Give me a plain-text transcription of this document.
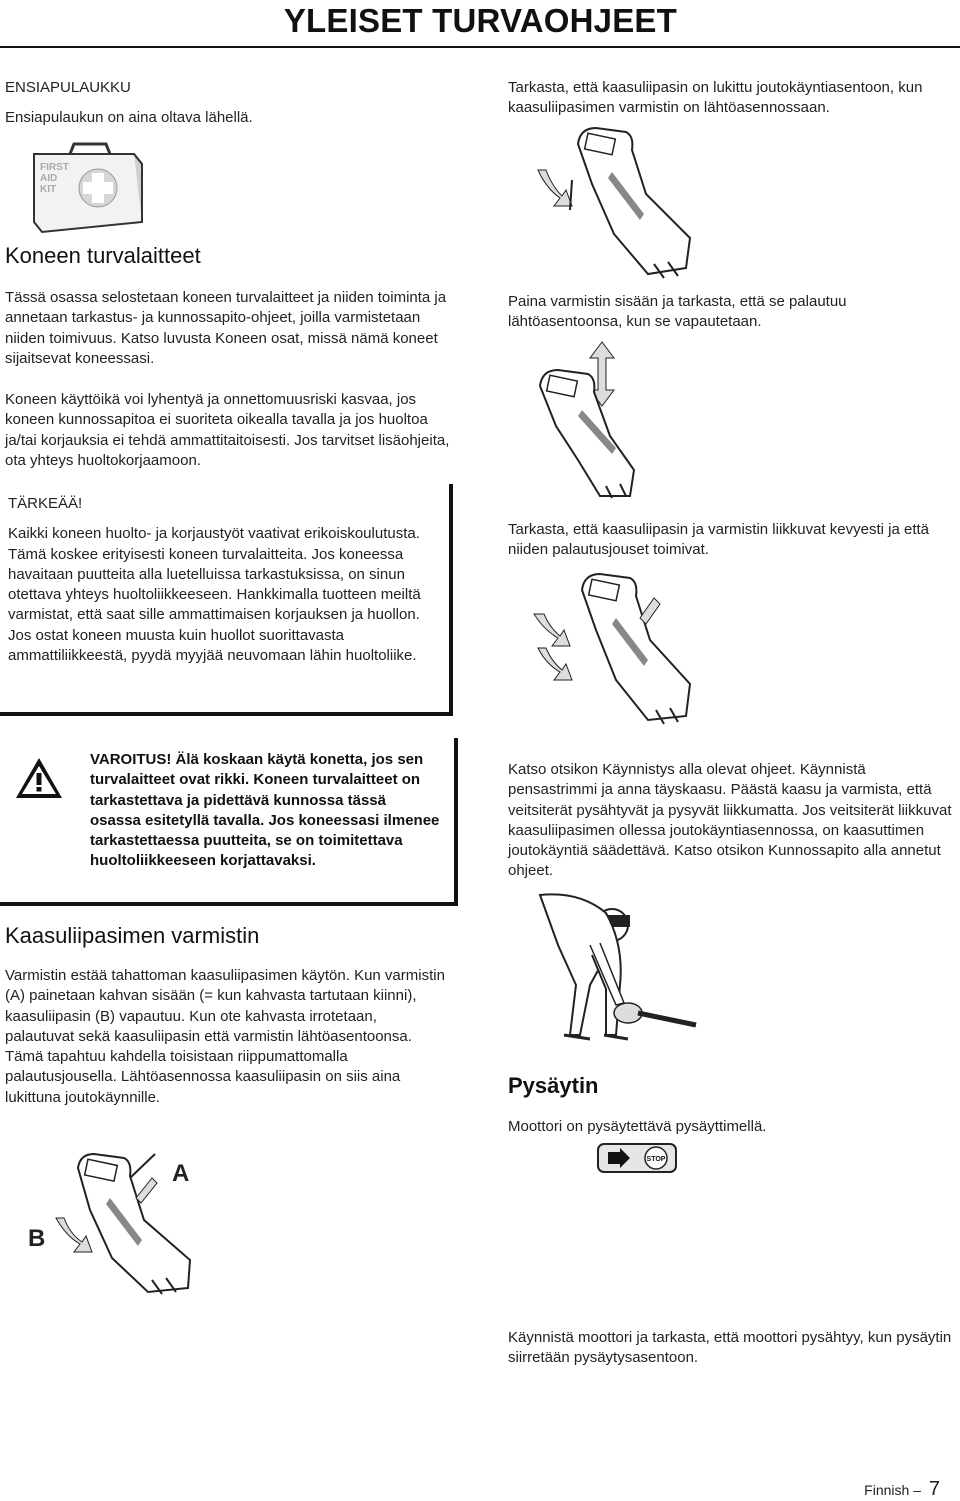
YLEISET TURVAOHJEET

ENSIAPULAUKKU

Ensiapulaukun on aina oltava lähellä.

FIRST
AID
KIT
Koneen turvalaitteet

Tässä osassa selostetaan koneen turvalaitteet ja niiden toiminta ja annetaan tarkastus- ja kunnossapito-ohjeet, joilla varmistetaan niiden toimivuus. Katso luvusta Koneen osat, missä nämä koneet sijaitsevat koneessasi.

Koneen käyttöikä voi lyhentyä ja onnettomuusriski kasvaa, jos koneen kunnossapitoa ei suoriteta oikealla tavalla ja jos huoltoa ja/tai korjauksia ei tehdä ammattitaitoisesti. Jos tarvitset lisäohjeita, ota yhteys huoltokorjaamoon.

TÄRKEÄÄ!

Kaikki koneen huolto- ja korjaustyöt vaativat erikoiskoulutusta. Tämä koskee erityisesti koneen turvalaitteita. Jos koneessa havaitaan puutteita alla luetelluissa tarkastuksissa, on sinun otettava yhteys huoltoliikkeeseen. Hankkimalla tuotteen meiltä varmistat, että saat sille ammattimaisen korjauksen ja huollon. Jos ostat koneen muusta kuin huollot suorittavasta ammattiliikkeestä, pyydä myyjää neuvomaan lähin huoltoliike.

VAROITUS! Älä koskaan käytä konetta, jos sen turvalaitteet ovat rikki. Koneen turvalaitteet on tarkastettava ja pidettävä kunnossa tässä osassa esitetyllä tavalla. Jos koneessasi ilmenee tarkastettaessa puutteita, se on toimitettava huoltoliikkeeseen korjattavaksi.
Kaasuliipasimen varmistin

Varmistin estää tahattoman kaasuliipasimen käytön. Kun varmistin (A) painetaan kahvan sisään (= kun kahvasta tartutaan kiinni), kaasuliipasin (B) vapautuu. Kun ote kahvasta irrotetaan, palautuvat sekä kaasuliipasin että varmistin lähtöasentoonsa. Tämä tapahtuu kahdella toisistaan riippumattomalla palautusjousella. Lähtöasennossa kaasuliipasin on siis aina lukittuna joutokäynnille.

A
B

Tarkasta, että kaasuliipasin on lukittu joutokäyntiasentoon, kun kaasuliipasimen varmistin on lähtöasennossaan.

Paina varmistin sisään ja tarkasta, että se palautuu lähtöasentoonsa, kun se vapautetaan.

Tarkasta, että kaasuliipasin ja varmistin liikkuvat kevyesti ja että niiden palautusjouset toimivat.

Katso otsikon Käynnistys alla olevat ohjeet. Käynnistä pensastrimmi ja anna täyskaasu. Päästä kaasu ja varmista, että veitsiterät pysähtyvät ja pysyvät liikkumatta. Jos veitsiterät liikkuvat kaasuliipasimen ollessa joutokäyntiasennossa, on kaasuttimen joutokäyntiä säädettävä. Katso otsikon Kunnossapito alla annetut ohjeet.

Pysäytin

Moottori on pysäytettävä pysäyttimellä.

STOP

Käynnistä moottori ja tarkasta, että moottori pysähtyy, kun pysäytin siirretään pysäytysasentoon.

Finnish – 7
